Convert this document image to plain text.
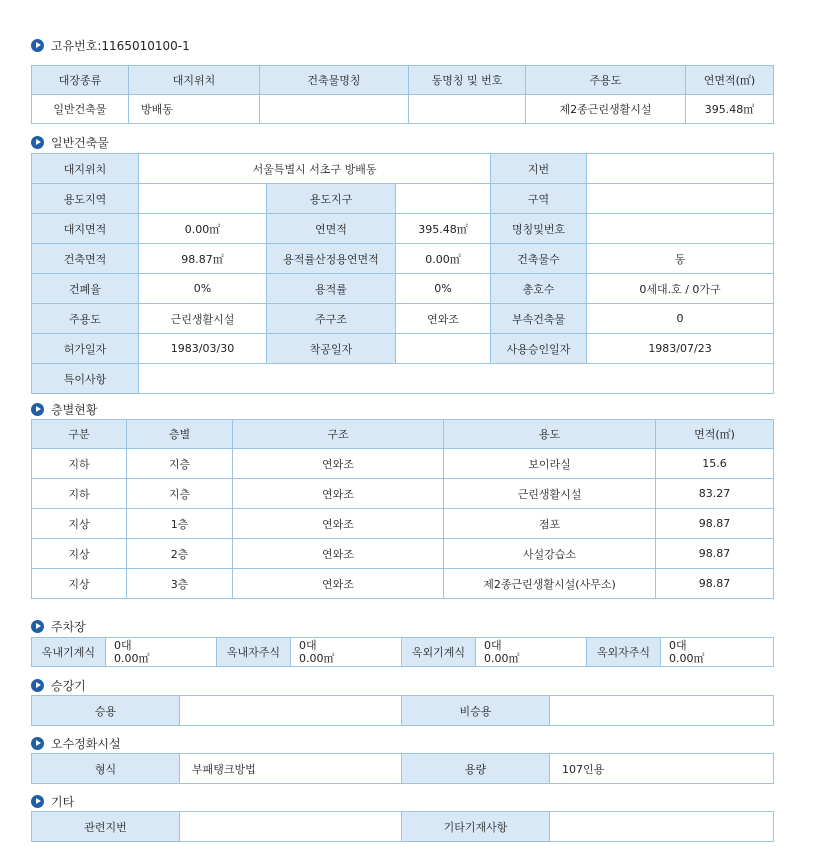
고유번호:1165010100-1
대장종류	대지위치	건축물명칭	동명칭 및 번호	주용도	연면적(㎡)
일반건축물	방배동			제2종근린생활시설	395.48㎡
일반건축물
대지위치	서울특별시 서초구 방배동			지번	
용도지역		용도지구		구역	
대지면적	0.00㎡	연면적	395.48㎡	명칭및번호	
건축면적	98.87㎡	용적률산정용연면적	0.00㎡	건축물수	동
건폐율	0%	용적률	0%	총호수	0세대.호 / 0가구
주용도	근린생활시설	주구조	연와조	부속건축물	0
허가일자	1983/03/30	착공일자		사용승인일자	1983/07/23
특이사항					
층별현황
구분	층별	구조	용도	면적(㎡)
지하	지층	연와조	보이라실	15.6
지하	지층	연와조	근린생활시설	83.27
지상	1층	연와조	점포	98.87
지상	2층	연와조	사설강습소	98.87
지상	3층	연와조	제2종근린생활시설(사무소)	98.87
주차장
옥내기계식	
0대
0.00㎡	옥내자주식	
0대
0.00㎡	옥외기계식	
0대
0.00㎡	옥외자주식	
0대
0.00㎡
승강기
승용		비승용	
오수정화시설
형식	부패탱크방법	용량	107인용
기타
관련지번		기타기재사항	
